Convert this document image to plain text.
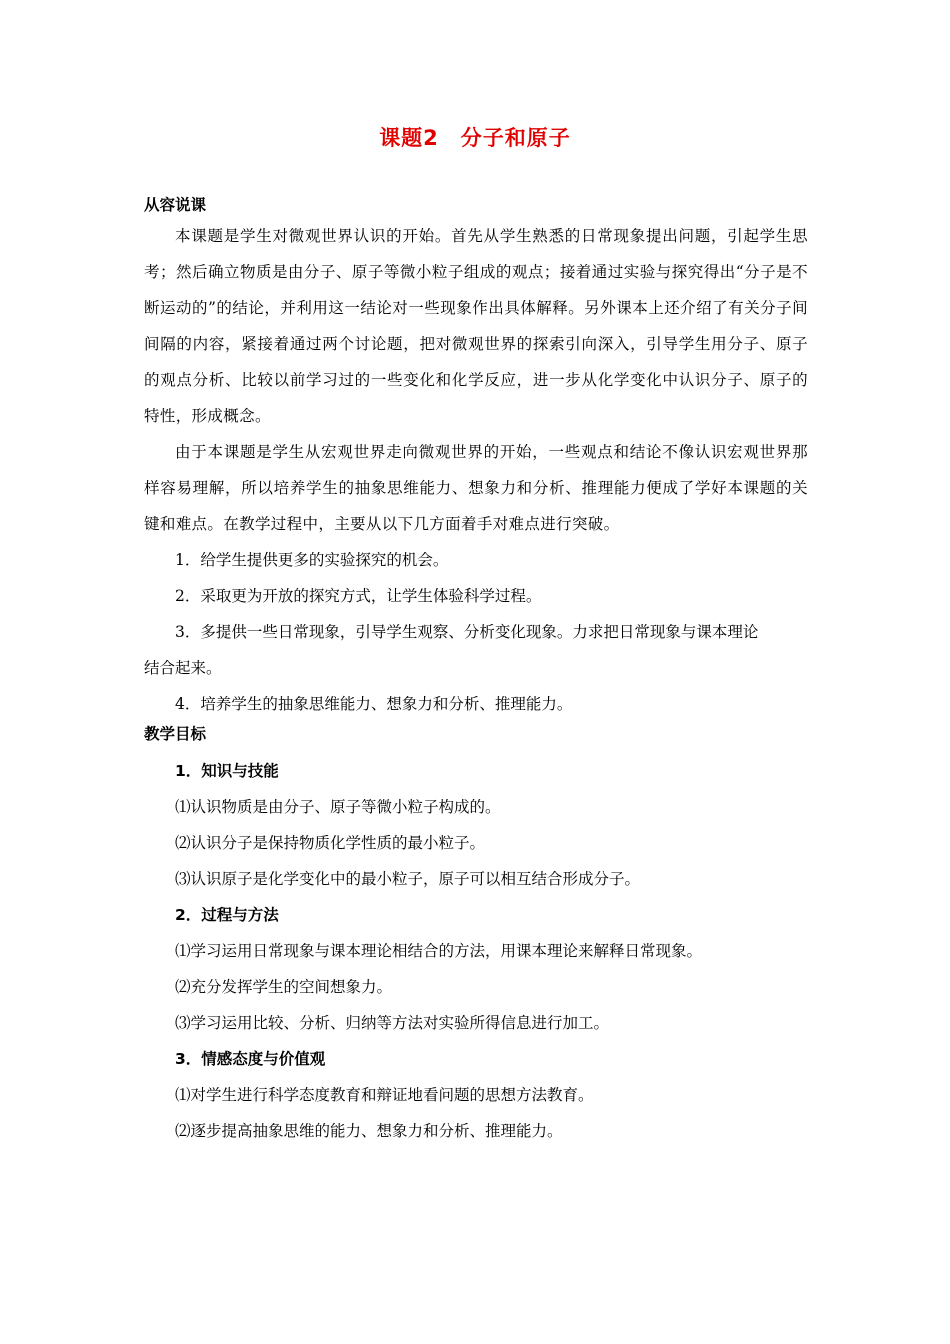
课题2　分子和原子
从容说课
本课题是学生对微观世界认识的开始。首先从学生熟悉的日常现象提出问题，引起学生思考；然后确立物质是由分子、原子等微小粒子组成的观点；接着通过实验与探究得出“分子是不断运动的”的结论，并利用这一结论对一些现象作出具体解释。另外课本上还介绍了有关分子间间隔的内容，紧接着通过两个讨论题，把对微观世界的探索引向深入，引导学生用分子、原子的观点分析、比较以前学习过的一些变化和化学反应，进一步从化学变化中认识分子、原子的特性，形成概念。
由于本课题是学生从宏观世界走向微观世界的开始，一些观点和结论不像认识宏观世界那样容易理解，所以培养学生的抽象思维能力、想象力和分析、推理能力便成了学好本课题的关键和难点。在教学过程中，主要从以下几方面着手对难点进行突破。
1．给学生提供更多的实验探究的机会。
2．采取更为开放的探究方式，让学生体验科学过程。
3．多提供一些日常现象，引导学生观察、分析变化现象。力求把日常现象与课本理论
结合起来。
4．培养学生的抽象思维能力、想象力和分析、推理能力。
教学目标
1．知识与技能
⑴认识物质是由分子、原子等微小粒子构成的。
⑵认识分子是保持物质化学性质的最小粒子。
⑶认识原子是化学变化中的最小粒子，原子可以相互结合形成分子。
2．过程与方法
⑴学习运用日常现象与课本理论相结合的方法，用课本理论来解释日常现象。
⑵充分发挥学生的空间想象力。
⑶学习运用比较、分析、归纳等方法对实验所得信息进行加工。
3．情感态度与价值观
⑴对学生进行科学态度教育和辩证地看问题的思想方法教育。
⑵逐步提高抽象思维的能力、想象力和分析、推理能力。
